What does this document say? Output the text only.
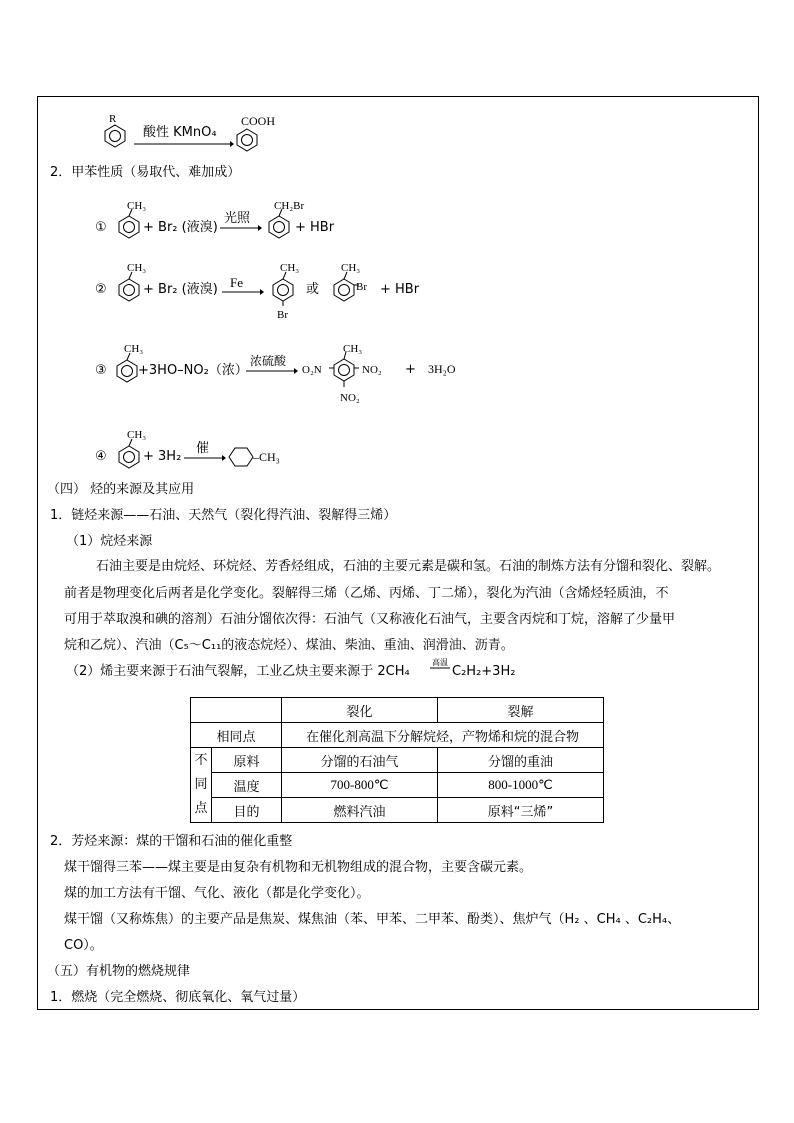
R
酸性 KMnO₄
COOH
2．甲苯性质（易取代、难加成）
①
CH₃
+ Br₂ (液溴)
光照
CH₂Br
+ HBr
②
CH₃
+ Br₂ (液溴) Fe
CH₃
Br
或
CH₃
Br + HBr
③
CH₃
+3HO–NO₂（浓）
浓硫酸
O₂N
CH₃
NO₂
NO₂
+ 3H₂O
④
CH₃
+ 3H₂
催
–CH₃
（四） 烃的来源及其应用
1．链烃来源——石油、天然气（裂化得汽油、裂解得三烯）
（1）烷烃来源
石油主要是由烷烃、环烷烃、芳香烃组成，石油的主要元素是碳和氢。石油的制炼方法有分馏和裂化、裂解。
前者是物理变化后两者是化学变化。裂解得三烯（乙烯、丙烯、丁二烯），裂化为汽油（含烯烃轻质油，不
可用于萃取溴和碘的溶剂）石油分馏依次得：石油气（又称液化石油气，主要含丙烷和丁烷，溶解了少量甲
烷和乙烷）、汽油（C₅～C₁₁的液态烷烃）、煤油、柴油、重油、润滑油、沥青。
（2）烯主要来源于石油气裂解，工业乙炔主要来源于 2CH₄
高温
C₂H₂+3H₂
		裂化	裂解
相同点		在催化剂高温下分解烷烃，产物烯和烷的混合物	

不
同
点	原料	分馏的石油气	分馏的重油
	温度	700-800℃	800-1000℃
	目的	燃料汽油	原料“三烯”
2．芳烃来源：煤的干馏和石油的催化重整
煤干馏得三苯——煤主要是由复杂有机物和无机物组成的混合物，主要含碳元素。
煤的加工方法有干馏、气化、液化（都是化学变化）。
煤干馏（又称炼焦）的主要产品是焦炭、煤焦油（苯、甲苯、二甲苯、酚类）、焦炉气（H₂ 、CH₄ 、C₂H₄、
CO）。
（五）有机物的燃烧规律
1．燃烧（完全燃烧、彻底氧化、氧气过量）
